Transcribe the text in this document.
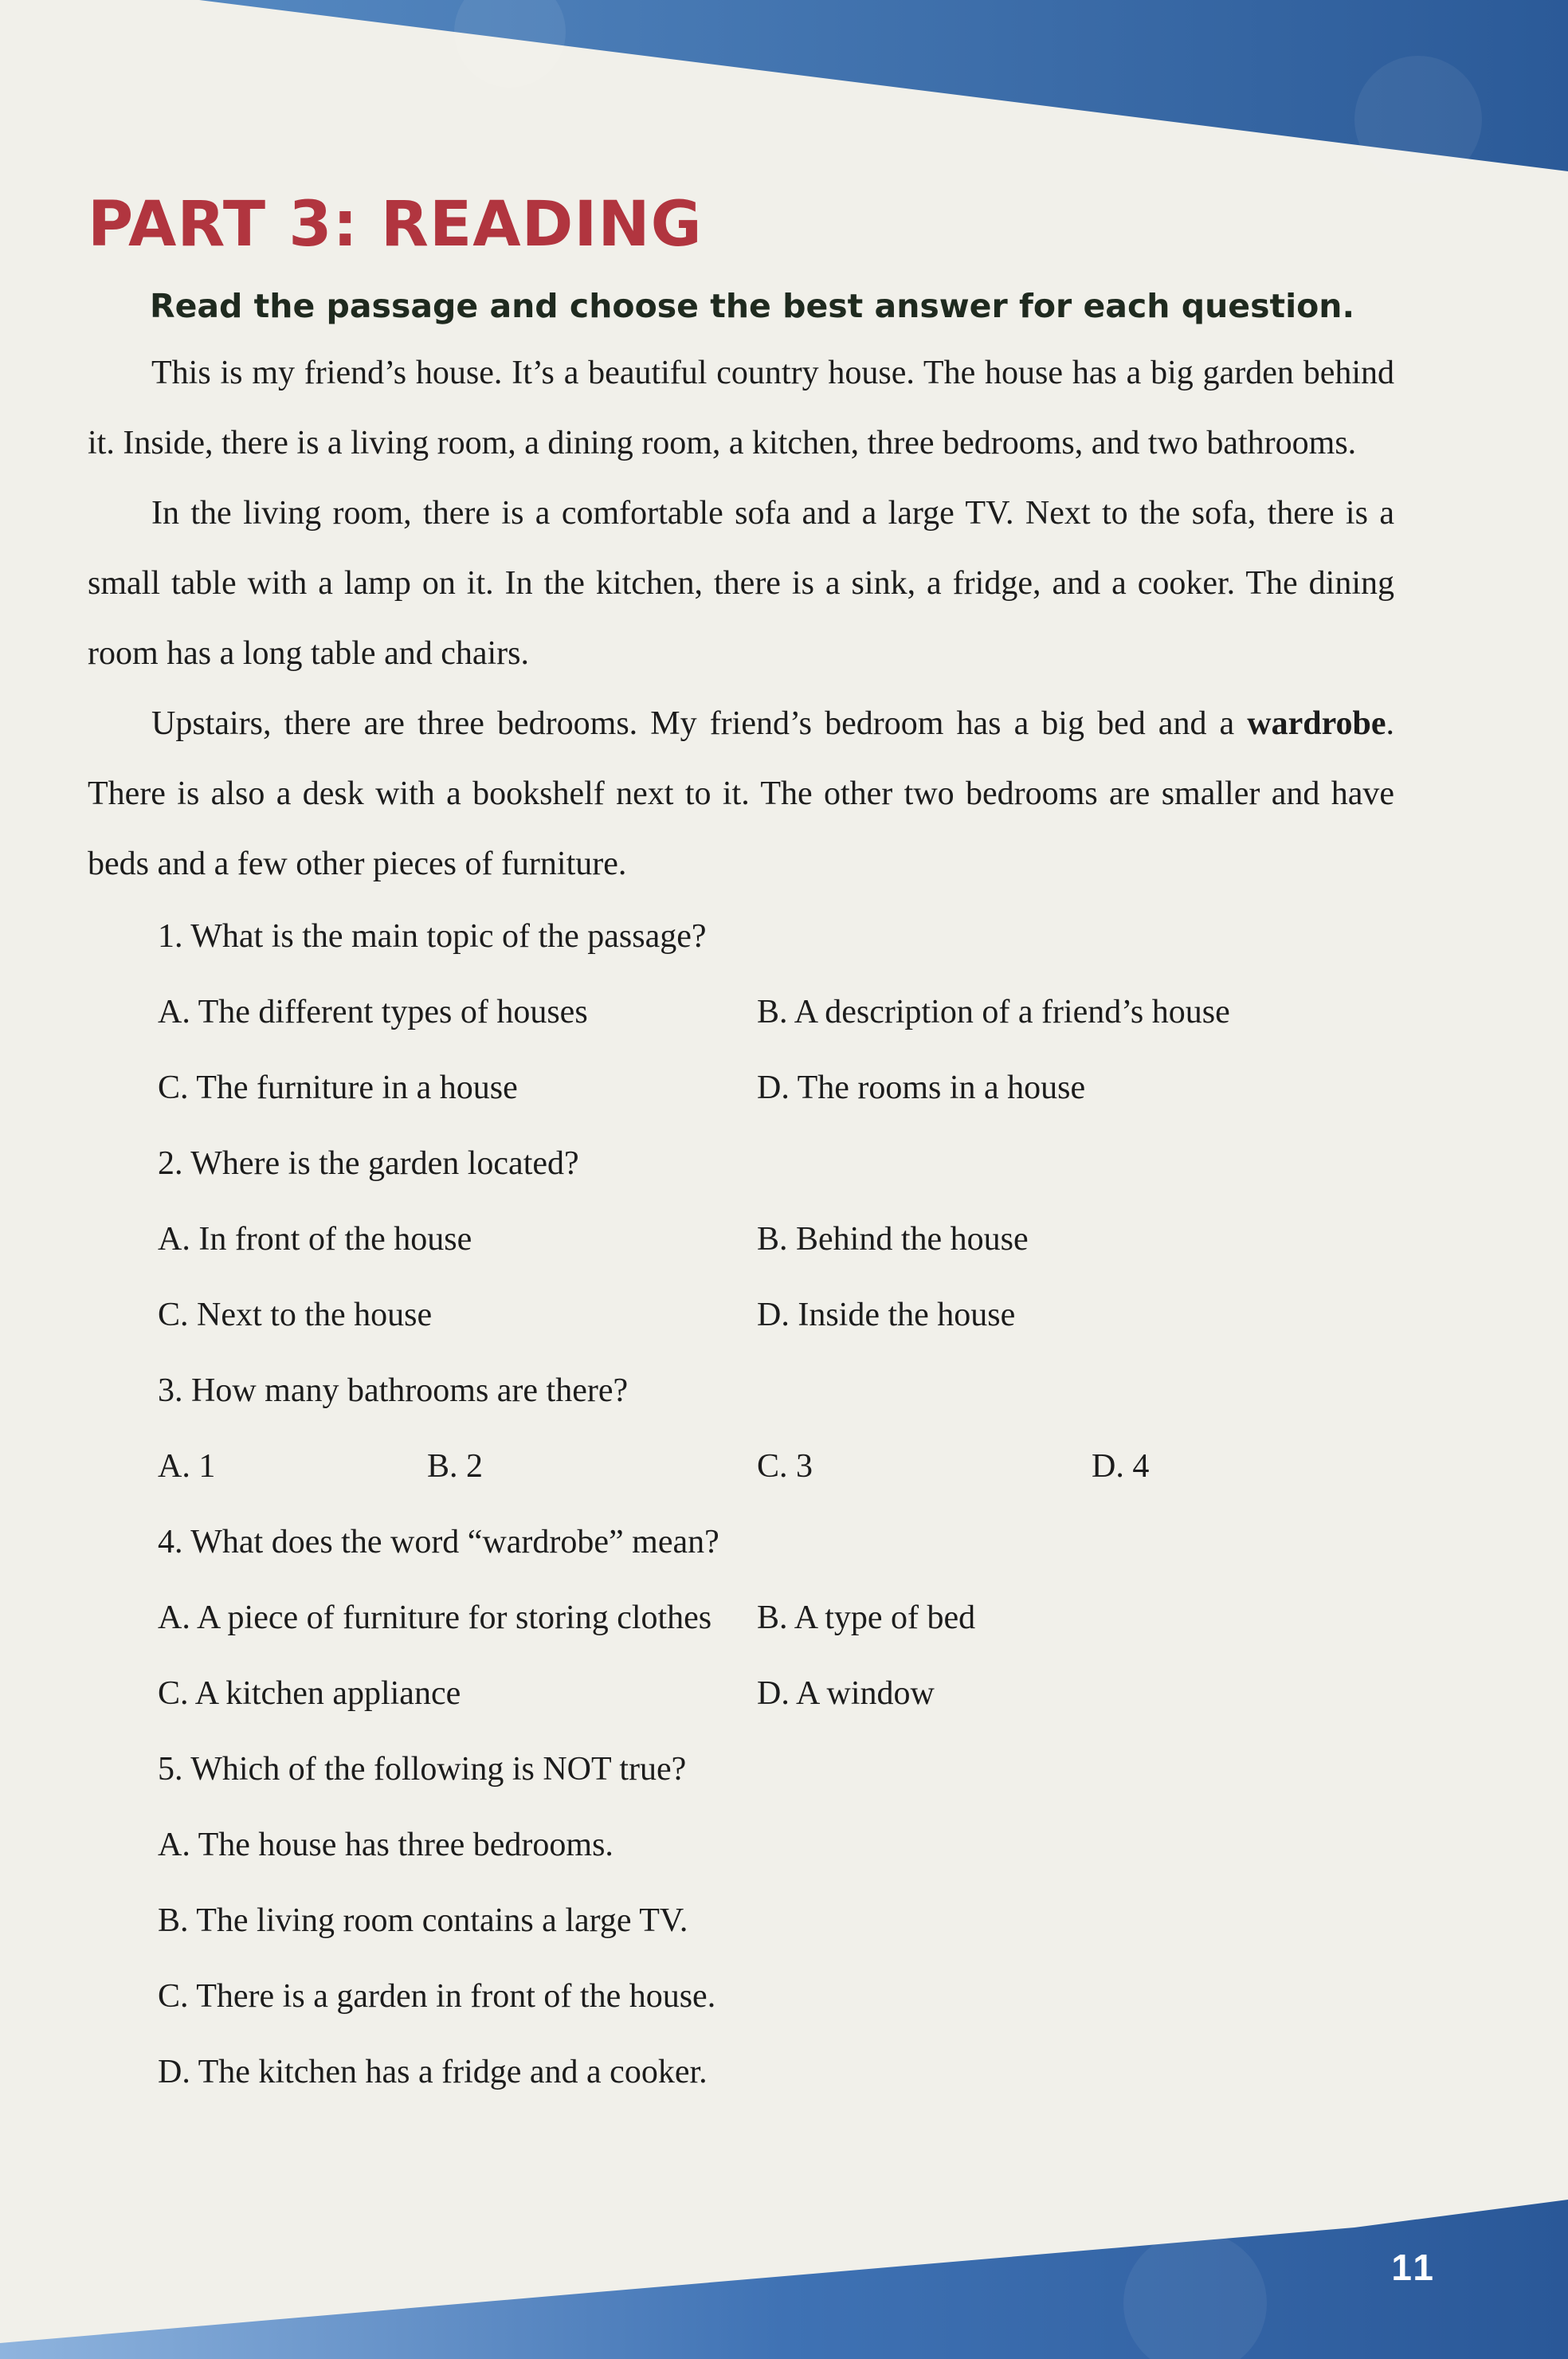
PART 3: READING
Read the passage and choose the best answer for each question.

This is my friend’s house. It’s a beautiful country house. The house has a big garden behind it. Inside, there is a living room, a dining room, a kitchen, three bedrooms, and two bathrooms.

In the living room, there is a comfortable sofa and a large TV. Next to the sofa, there is a small table with a lamp on it. In the kitchen, there is a sink, a fridge, and a cooker. The dining room has a long table and chairs.

Upstairs, there are three bedrooms. My friend’s bedroom has a big bed and a wardrobe. There is also a desk with a bookshelf next to it. The other two bedrooms are smaller and have beds and a few other pieces of furniture.

1. What is the main topic of the passage?
A. The different types of houses	B. A description of a friend’s house
C. The furniture in a house	D. The rooms in a house
2. Where is the garden located?
A. In front of the house	B. Behind the house
C. Next to the house	D. Inside the house
3. How many bathrooms are there?
A. 1	B. 2	C. 3	D. 4
4. What does the word “wardrobe” mean?
A. A piece of furniture for storing clothes B. A type of bed
C. A kitchen appliance	D. A window
5. Which of the following is NOT true?
A. The house has three bedrooms.
B. The living room contains a large TV.
C. There is a garden in front of the house.
D. The kitchen has a fridge and a cooker.
11
